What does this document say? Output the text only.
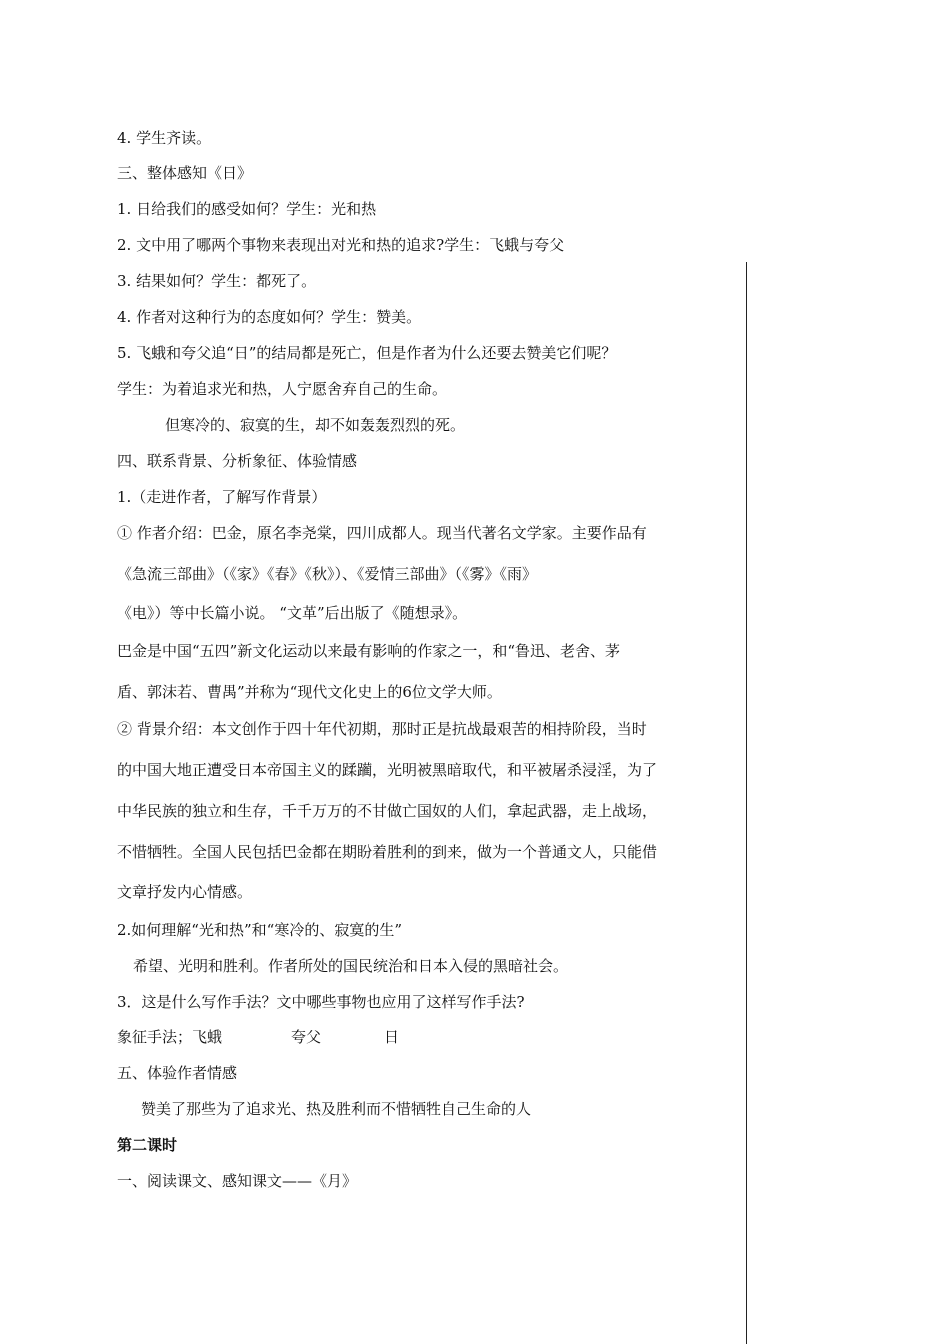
4. 学生齐读。
三、整体感知《日》
1. 日给我们的感受如何？学生：光和热
2. 文中用了哪两个事物来表现出对光和热的追求?学生：飞蛾与夸父
3. 结果如何？学生：都死了。
4. 作者对这种行为的态度如何？学生：赞美。
5. 飞蛾和夸父追“日”的结局都是死亡，但是作者为什么还要去赞美它们呢？
学生：为着追求光和热，人宁愿舍弃自己的生命。
但寒冷的、寂寞的生，却不如轰轰烈烈的死。
四、联系背景、分析象征、体验情感
1.（走进作者，了解写作背景）
① 作者介绍：巴金，原名李尧棠，四川成都人。现当代著名文学家。主要作品有
《急流三部曲》（《家》《春》《秋》）、《爱情三部曲》（《雾》《雨》
《电》）等中长篇小说。 “文革”后出版了《随想录》。
巴金是中国“五四”新文化运动以来最有影响的作家之一，和“鲁迅、老舍、茅
盾、郭沫若、曹禺”并称为“现代文化史上的6位文学大师。
② 背景介绍：本文创作于四十年代初期，那时正是抗战最艰苦的相持阶段，当时
的中国大地正遭受日本帝国主义的蹂躏，光明被黑暗取代，和平被屠杀浸淫，为了
中华民族的独立和生存，千千万万的不甘做亡国奴的人们，拿起武器，走上战场，
不惜牺牲。全国人民包括巴金都在期盼着胜利的到来，做为一个普通文人，只能借
文章抒发内心情感。
2.如何理解“光和热”和“寒冷的、寂寞的生”
希望、光明和胜利。作者所处的国民统治和日本入侵的黑暗社会。
3．这是什么写作手法？文中哪些事物也应用了这样写作手法?
象征手法；飞蛾	夸父	日
五、体验作者情感
赞美了那些为了追求光、热及胜利而不惜牺牲自己生命的人
第二课时
一、阅读课文、感知课文——《月》
